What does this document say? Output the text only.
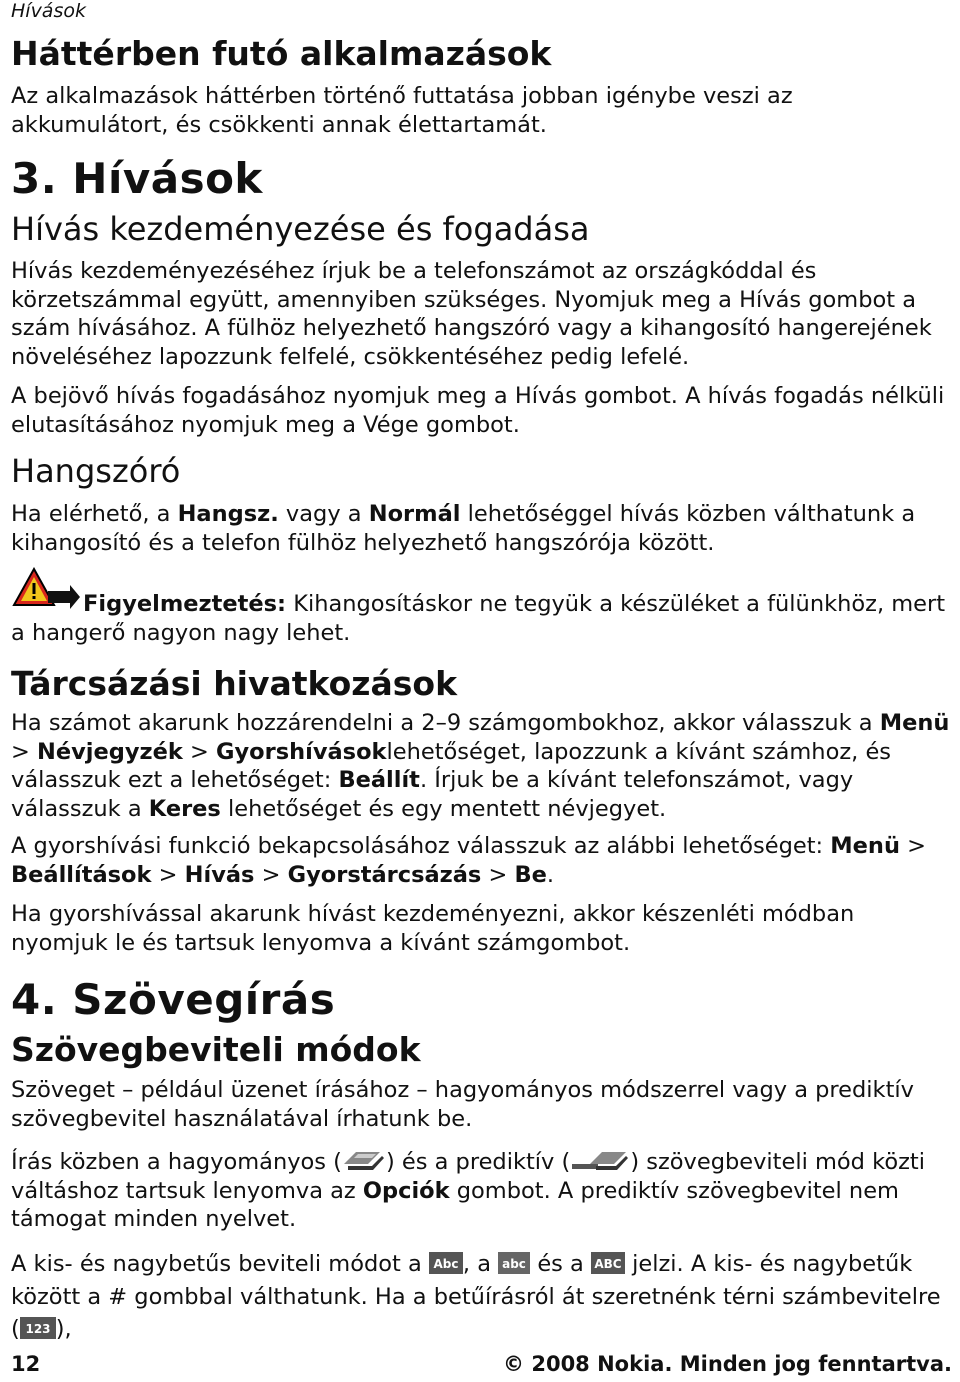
Hívások
Háttérben futó alkalmazások

Az alkalmazások háttérben történő futtatása jobban igénybe veszi az akkumulátort, és csökkenti annak élettartamát.

3. Hívások
Hívás kezdeményezése és fogadása

Hívás kezdeményezéséhez írjuk be a telefonszámot az országkóddal és körzetszámmal együtt, amennyiben szükséges. Nyomjuk meg a Hívás gombot a szám hívásához. A fülhöz helyezhető hangszóró vagy a kihangosító hangerejének növeléséhez lapozzunk felfelé, csökkentéséhez pedig lefelé.

A bejövő hívás fogadásához nyomjuk meg a Hívás gombot. A hívás fogadás nélküli elutasításához nyomjuk meg a Vége gombot.

Hangszóró

Ha elérhető, a Hangsz. vagy a Normál lehetőséggel hívás közben válthatunk a kihangosító és a telefon fülhöz helyezhető hangszórója között.

Figyelmeztetés: Kihangosításkor ne tegyük a készüléket a fülünkhöz, mert a hangerő nagyon nagy lehet.

Tárcsázási hivatkozások

Ha számot akarunk hozzárendelni a 2–9 számgombokhoz, akkor válasszuk a Menü > Névjegyzék > Gyorshívásoklehetőséget, lapozzunk a kívánt számhoz, és válasszuk ezt a lehetőséget: Beállít. Írjuk be a kívánt telefonszámot, vagy válasszuk a Keres lehetőséget és egy mentett névjegyet.

A gyorshívási funkció bekapcsolásához válasszuk az alábbi lehetőséget: Menü > Beállítások > Hívás > Gyorstárcsázás > Be.

Ha gyorshívással akarunk hívást kezdeményezni, akkor készenléti módban nyomjuk le és tartsuk lenyomva a kívánt számgombot.

4. Szövegírás
Szövegbeviteli módok

Szöveget – például üzenet írásához – hagyományos módszerrel vagy a prediktív szövegbevitel használatával írhatunk be.

Írás közben a hagyományos ( ) és a prediktív (	) szövegbeviteli mód közti váltáshoz tartsuk lenyomva az Opciók gombot. A prediktív szövegbevitel nem támogat minden nyelvet.

A kis- és nagybetűs beviteli módot a Abc , a abc és a ABC jelzi. A kis- és nagybetűk között a # gombbal válthatunk. Ha a betűírásról át szeretnénk térni számbevitelre ( 123 ),

12	© 2008 Nokia. Minden jog fenntartva.
